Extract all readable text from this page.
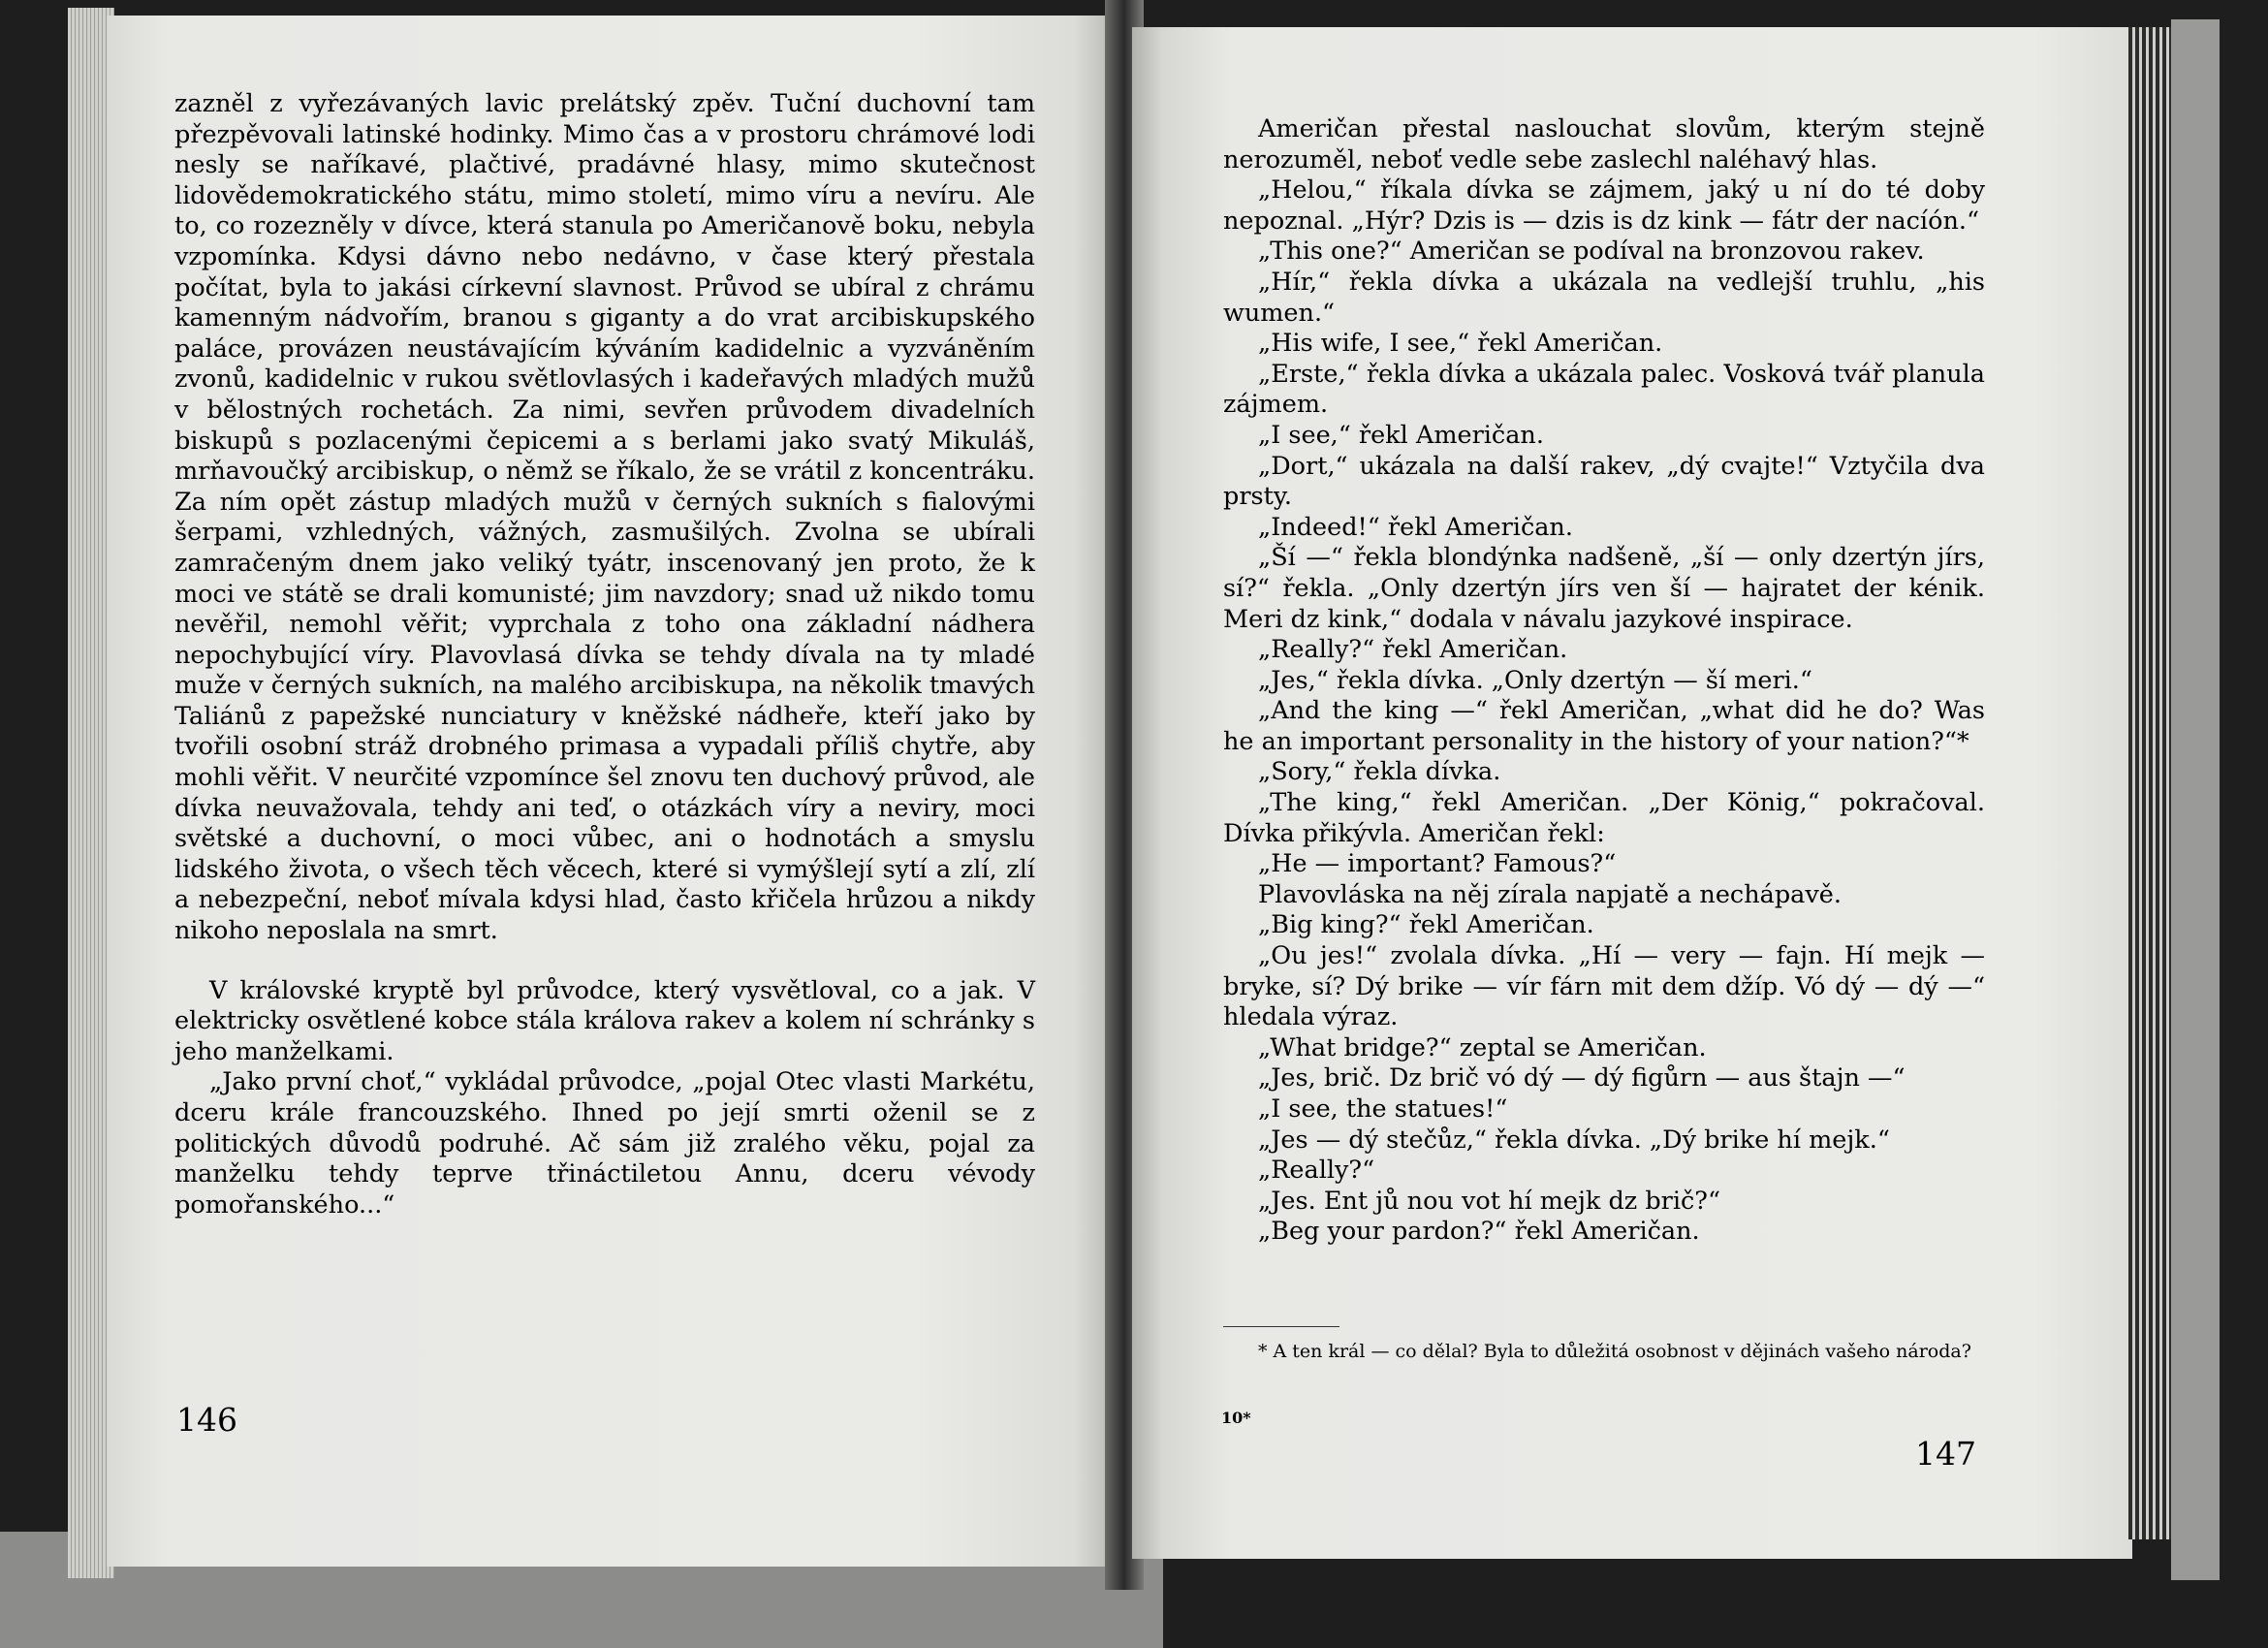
zazněl z vyřezávaných lavic prelátský zpěv. Tuční duchovní tam přezpěvovali latinské hodinky. Mimo čas a v prostoru chrámové lodi nesly se naříkavé, plačtivé, pradávné hlasy, mimo skutečnost lidovědemokratického státu, mimo století, mimo víru a nevíru. Ale to, co rozezněly v dívce, která stanula po Američanově boku, nebyla vzpomínka. Kdysi dávno nebo nedávno, v čase který přestala počítat, byla to jakási církevní slavnost. Průvod se ubíral z chrámu kamenným nádvořím, branou s giganty a do vrat arcibiskupského paláce, provázen neustávajícím kýváním kadidelnic a vyzváněním zvonů, kadidelnic v rukou světlovlasých i kadeřavých mladých mužů v bělostných rochetách. Za nimi, sevřen průvodem divadelních biskupů s pozlacenými čepicemi a s berlami jako svatý Mikuláš, mrňavoučký arcibiskup, o němž se říkalo, že se vrátil z koncentráku. Za ním opět zástup mladých mužů v černých sukních s fialovými šerpami, vzhledných, vážných, zasmušilých. Zvolna se ubírali zamračeným dnem jako veliký tyátr, inscenovaný jen proto, že k moci ve státě se drali komunisté; jim navzdory; snad už nikdo tomu nevěřil, nemohl věřit; vyprchala z toho ona základní nádhera nepochybující víry. Plavovlasá dívka se tehdy dívala na ty mladé muže v černých sukních, na malého arcibiskupa, na několik tmavých Taliánů z papežské nunciatury v kněžské nádheře, kteří jako by tvořili osobní stráž drobného primasa a vypadali příliš chytře, aby mohli věřit. V neurčité vzpomínce šel znovu ten duchový průvod, ale dívka neuvažovala, tehdy ani teď, o otázkách víry a neviry, moci světské a duchovní, o moci vůbec, ani o hodnotách a smyslu lidského života, o všech těch věcech, které si vymýšlejí sytí a zlí, zlí a nebezpeční, neboť mívala kdysi hlad, často křičela hrůzou a nikdy nikoho neposlala na smrt.

V královské kryptě byl průvodce, který vysvětloval, co a jak. V elektricky osvětlené kobce stála králova rakev a kolem ní schránky s jeho manželkami.

„Jako první choť,“ vykládal průvodce, „pojal Otec vlasti Markétu, dceru krále francouzského. Ihned po její smrti oženil se z politických důvodů podruhé. Ač sám již zralého věku, pojal za manželku tehdy teprve třináctiletou Annu, dceru vévody pomořanského...“

146

Američan přestal naslouchat slovům, kterým stejně nerozuměl, neboť vedle sebe zaslechl naléhavý hlas.

„Helou,“ říkala dívka se zájmem, jaký u ní do té doby nepoznal. „Hýr? Dzis is — dzis is dz kink — fátr der nacíón.“

„This one?“ Američan se podíval na bronzovou rakev.

„Hír,“ řekla dívka a ukázala na vedlejší truhlu, „his wumen.“

„His wife, I see,“ řekl Američan.

„Erste,“ řekla dívka a ukázala palec. Vosková tvář planula zájmem.

„I see,“ řekl Američan.

„Dort,“ ukázala na další rakev, „dý cvajte!“ Vztyčila dva prsty.

„Indeed!“ řekl Američan.

„Ší —“ řekla blondýnka nadšeně, „ší — only dzertýn jírs, sí?“ řekla. „Only dzertýn jírs ven ší — hajratet der kénik. Meri dz kink,“ dodala v návalu jazykové inspirace.

„Really?“ řekl Američan.

„Jes,“ řekla dívka. „Only dzertýn — ší meri.“

„And the king —“ řekl Američan, „what did he do? Was he an important personality in the history of your nation?“*

„Sory,“ řekla dívka.

„The king,“ řekl Američan. „Der König,“ pokračoval. Dívka přikývla. Američan řekl:

„He — important? Famous?“

Plavovláska na něj zírala napjatě a nechápavě.

„Big king?“ řekl Američan.

„Ou jes!“ zvolala dívka. „Hí — very — fajn. Hí mejk — bryke, sí? Dý brike — vír fárn mit dem džíp. Vó dý — dý —“ hledala výraz.

„What bridge?“ zeptal se Američan.

„Jes, brič. Dz brič vó dý — dý figůrn — aus štajn —“

„I see, the statues!“

„Jes — dý stečůz,“ řekla dívka. „Dý brike hí mejk.“

„Really?“

„Jes. Ent jů nou vot hí mejk dz brič?“

„Beg your pardon?“ řekl Američan.

* A ten král — co dělal? Byla to důležitá osobnost v dějinách vašeho národa?
10*
147
